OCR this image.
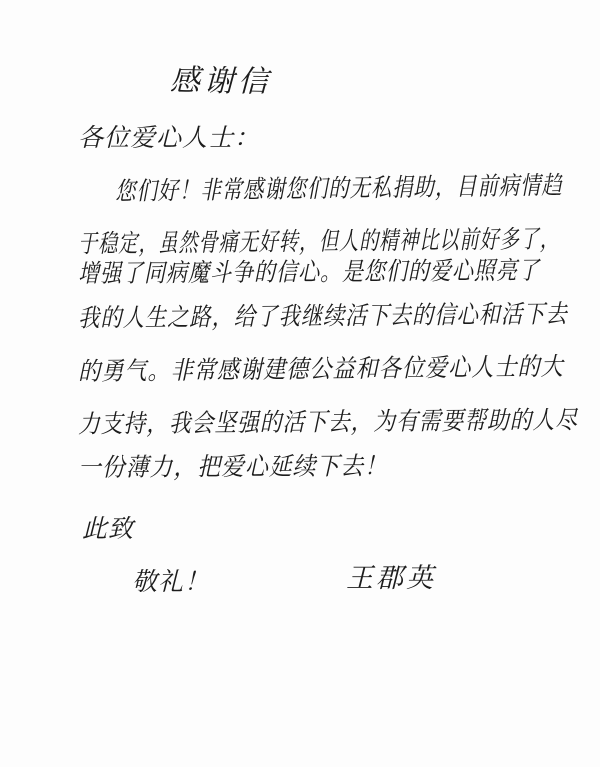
感谢信

各位爱心人士：

您们好！非常感谢您们的无私捐助，目前病情趋

于稳定，虽然骨痛无好转，但人的精神比以前好多了，

增强了同病魔斗争的信心。是您们的爱心照亮了

我的人生之路，给了我继续活下去的信心和活下去

的勇气。非常感谢建德公益和各位爱心人士的大

力支持，我会坚强的活下去，为有需要帮助的人尽

一份薄力，把爱心延续下去！

此致

敬礼！	王郡英
